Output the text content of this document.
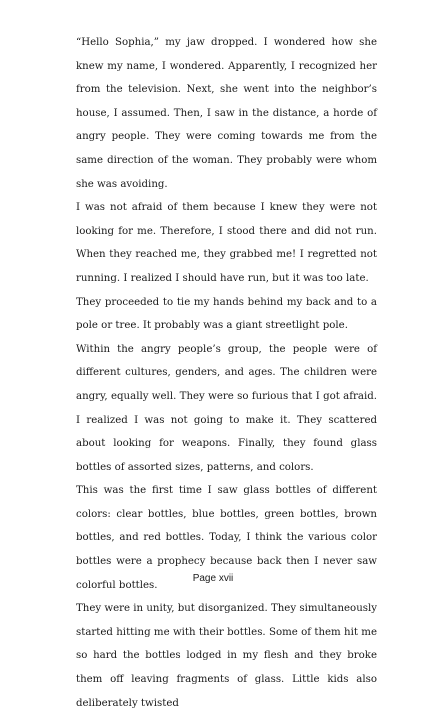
“Hello Sophia,” my jaw dropped. I wondered how she knew my name, I wondered. Apparently, I recognized her from the television. Next, she went into the neighbor’s house, I assumed. Then, I saw in the distance, a horde of angry people. They were coming towards me from the same direction of the woman. They probably were whom she was avoiding.

I was not afraid of them because I knew they were not looking for me. Therefore, I stood there and did not run. When they reached me, they grabbed me! I regretted not running. I realized I should have run, but it was too late.

They proceeded to tie my hands behind my back and to a pole or tree. It probably was a giant streetlight pole.

Within the angry people’s group, the people were of different cultures, genders, and ages. The children were angry, equally well. They were so furious that I got afraid. I realized I was not going to make it. They scattered about looking for weapons. Finally, they found glass bottles of assorted sizes, patterns, and colors.

This was the first time I saw glass bottles of different colors: clear bottles, blue bottles, green bottles, brown bottles, and red bottles. Today, I think the various color bottles were a prophecy because back then I never saw colorful bottles.

They were in unity, but disorganized. They simultaneously started hitting me with their bottles. Some of them hit me so hard the bottles lodged in my flesh and they broke them off leaving fragments of glass. Little kids also deliberately twisted

Page xvii
